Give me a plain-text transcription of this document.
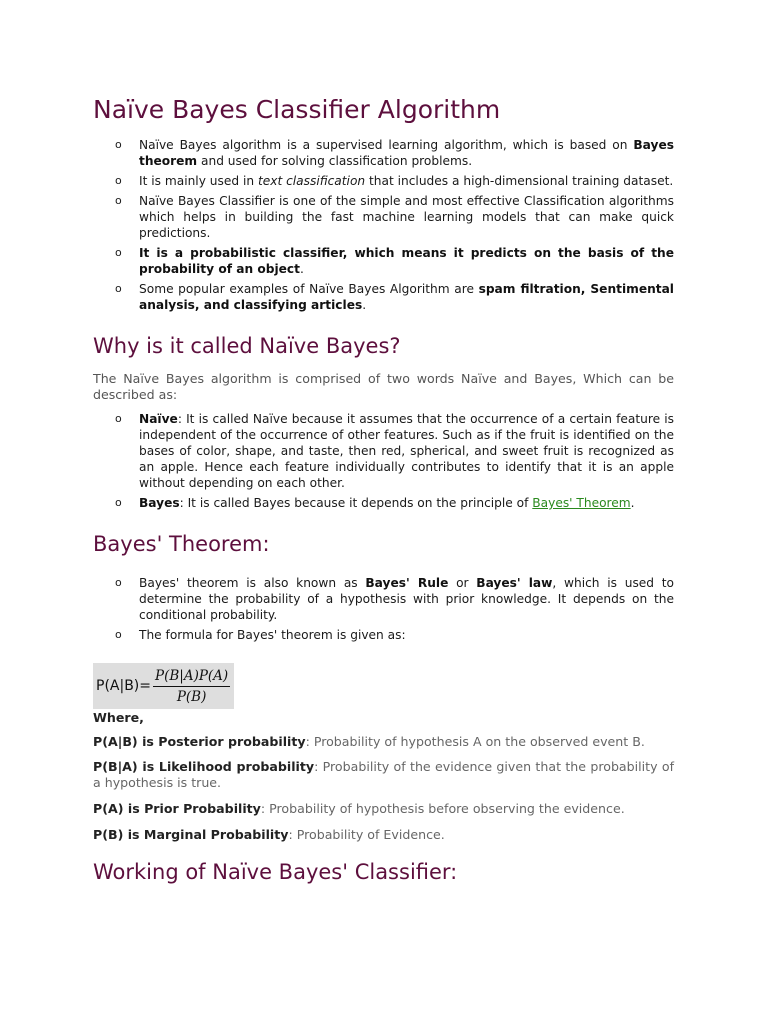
Naïve Bayes Classifier Algorithm
o Naïve Bayes algorithm is a supervised learning algorithm, which is based on Bayes theorem and used for solving classification problems.
o It is mainly used in text classification that includes a high-dimensional training dataset.
o Naïve Bayes Classifier is one of the simple and most effective Classification algorithms which helps in building the fast machine learning models that can make quick predictions.
o It is a probabilistic classifier, which means it predicts on the basis of the probability of an object.
o Some popular examples of Naïve Bayes Algorithm are spam filtration, Sentimental analysis, and classifying articles.
Why is it called Naïve Bayes?

The Naïve Bayes algorithm is comprised of two words Naïve and Bayes, Which can be described as:

o Naïve: It is called Naïve because it assumes that the occurrence of a certain feature is independent of the occurrence of other features. Such as if the fruit is identified on the bases of color, shape, and taste, then red, spherical, and sweet fruit is recognized as an apple. Hence each feature individually contributes to identify that it is an apple without depending on each other.
o Bayes: It is called Bayes because it depends on the principle of Bayes' Theorem.
Bayes' Theorem:
o Bayes' theorem is also known as Bayes' Rule or Bayes' law, which is used to determine the probability of a hypothesis with prior knowledge. It depends on the conditional probability.
o The formula for Bayes' theorem is given as:
$P(A|B)= \frac{P(B|A)P(A)}{P(B)}$

Where,

P(A|B) is Posterior probability: Probability of hypothesis A on the observed event B.

P(B|A) is Likelihood probability: Probability of the evidence given that the probability of a hypothesis is true.

P(A) is Prior Probability: Probability of hypothesis before observing the evidence.

P(B) is Marginal Probability: Probability of Evidence.

Working of Naïve Bayes' Classifier:
